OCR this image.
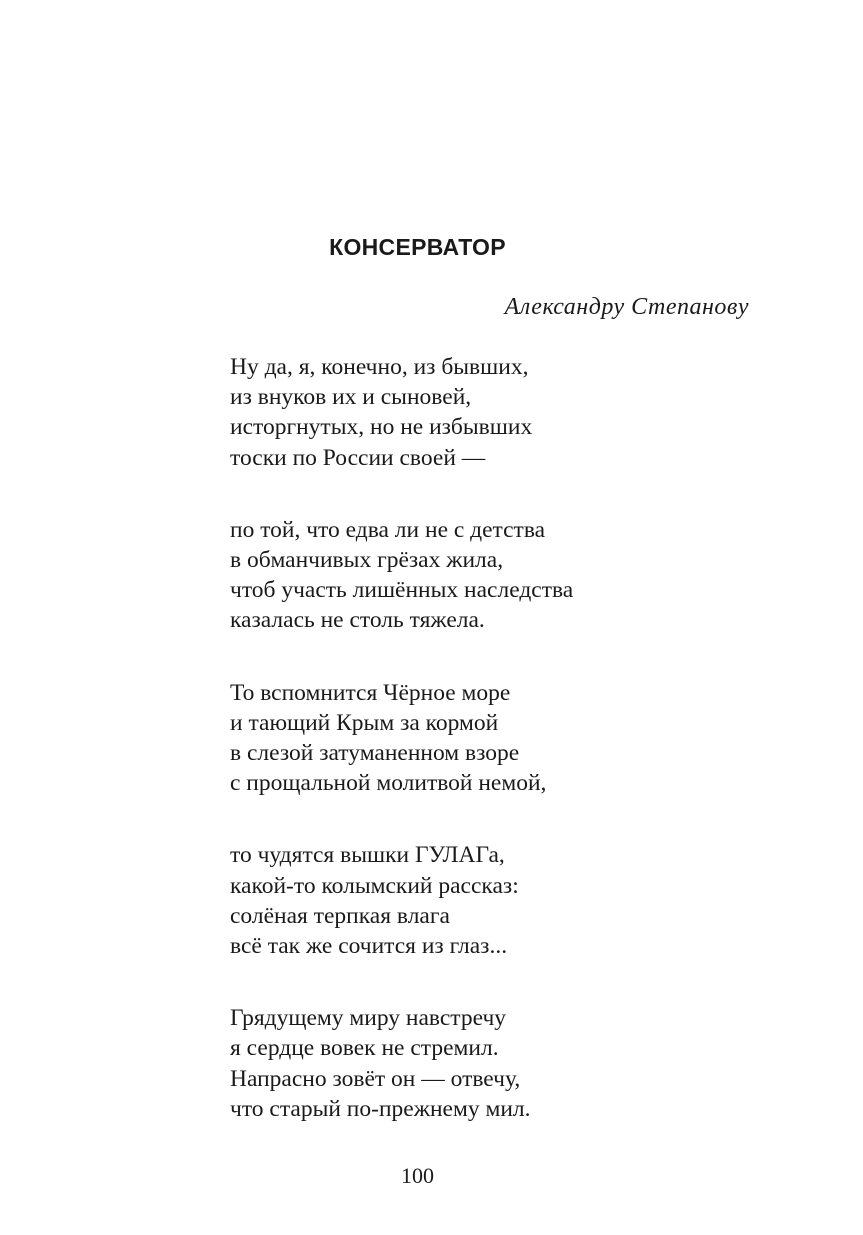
КОНСЕРВАТОР
Александру Степанову
Ну да, я, конечно, из бывших,
из внуков их и сыновей,
исторгнутых, но не избывших
тоски по России своей —
по той, что едва ли не с детства
в обманчивых грёзах жила,
чтоб участь лишённых наследства
казалась не столь тяжела.
То вспомнится Чёрное море
и тающий Крым за кормой
в слезой затуманенном взоре
с прощальной молитвой немой,
то чудятся вышки ГУЛАГа,
какой-то колымский рассказ:
солёная терпкая влага
всё так же сочится из глаз...
Грядущему миру навстречу
я сердце вовек не стремил.
Напрасно зовёт он — отвечу,
что старый по-прежнему мил.
100
